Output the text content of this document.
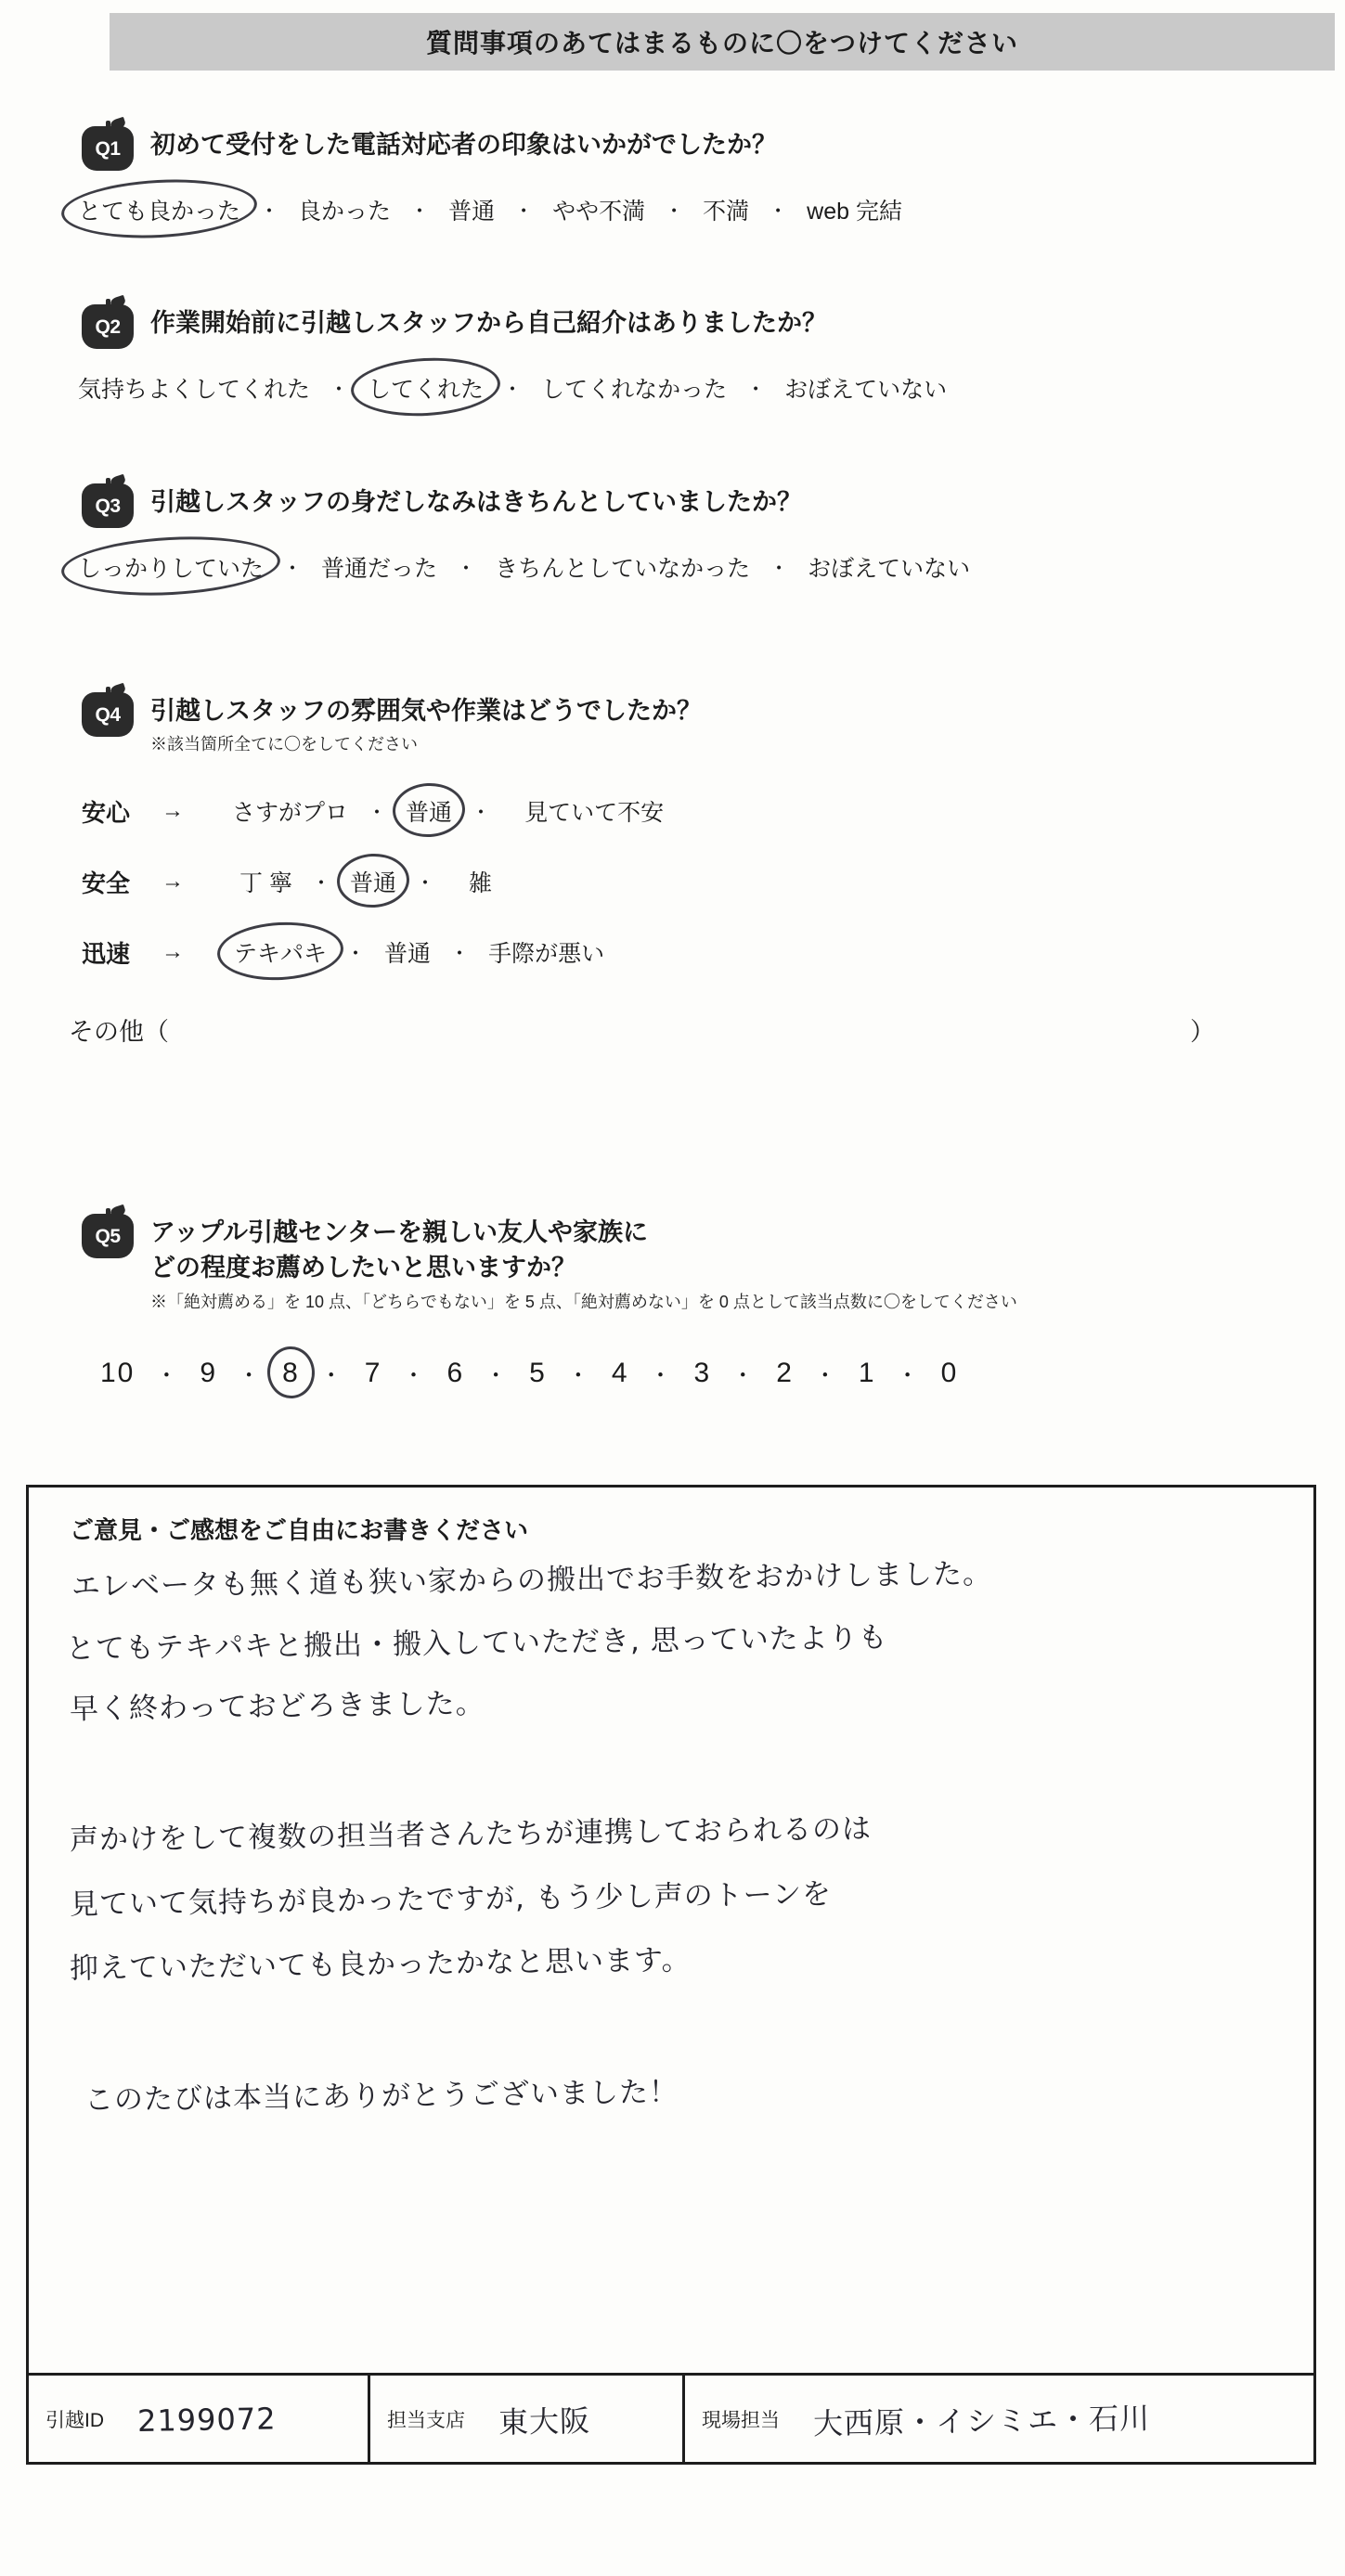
質問事項のあてはまるものに〇をつけてください
Q1 初めて受付をした電話対応者の印象はいかがでしたか？
とても良かった ・ 良かった ・ 普通 ・ やや不満 ・ 不満 ・ web 完結
Q2 作業開始前に引越しスタッフから自己紹介はありましたか？
気持ちよくしてくれた ・ してくれた ・ してくれなかった ・ おぼえていない
Q3 引越しスタッフの身だしなみはきちんとしていましたか？
しっかりしていた ・ 普通だった ・ きちんとしていなかった ・ おぼえていない
Q4 引越しスタッフの雰囲気や作業はどうでしたか？
※該当箇所全てに〇をしてください
安心	→ さすがプロ ・ 普通 ・	見ていて不安
安全	→ 丁 寧 ・ 普通 ・	雑
迅速	→ テキパキ ・ 普通 ・ 手際が悪い
その他（	）
Q5 アップル引越センターを親しい友人や家族に
どの程度お薦めしたいと思いますか？
※「絶対薦める」を 10 点、「どちらでもない」を 5 点、「絶対薦めない」を 0 点として該当点数に〇をしてください
10 ・ 9 ・ 8 ・ 7 ・ 6 ・ 5 ・ 4 ・ 3 ・ 2 ・ 1 ・ 0
ご意見・ご感想をご自由にお書きください
エレベータも無く道も狭い家からの搬出でお手数をおかけしました。
とてもテキパキと搬出・搬入していただき, 思っていたよりも
早く終わっておどろきました。
声かけをして複数の担当者さんたちが連携しておられるのは
見ていて気持ちが良かったですが, もう少し声のトーンを
抑えていただいても良かったかなと思います。
このたびは本当にありがとうございました！
引越ID	2199072	担当支店	東大阪	現場担当	大西原・イシミエ・石川
